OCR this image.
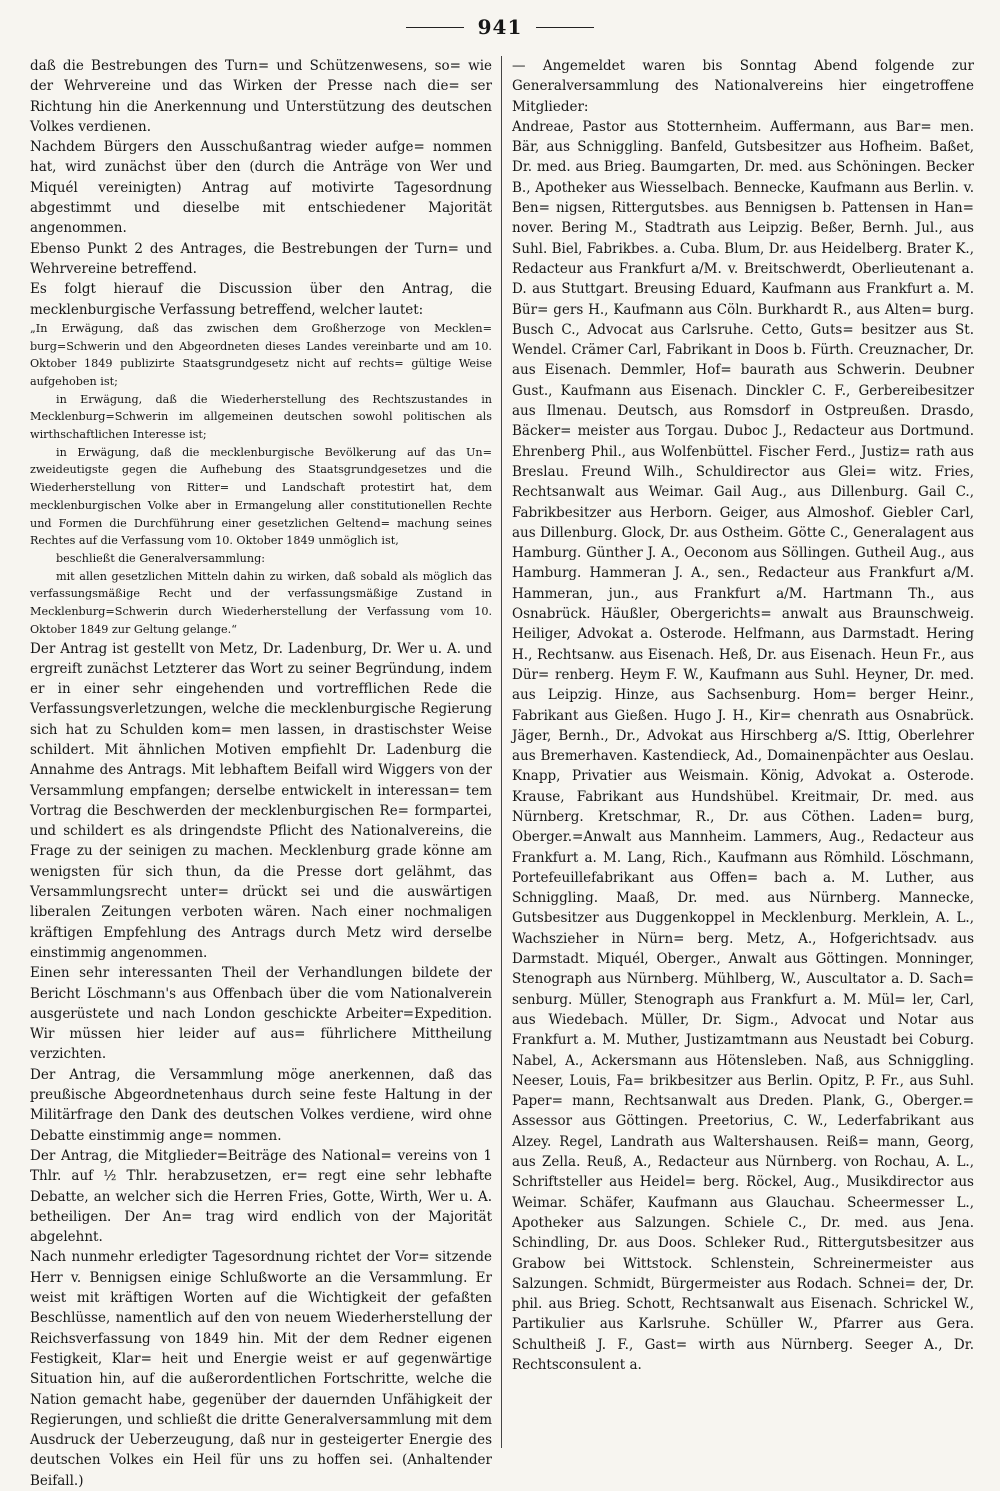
941

daß die Bestrebungen des Turn= und Schützenwesens, so= wie der Wehrvereine und das Wirken der Presse nach die= ser Richtung hin die Anerkennung und Unterstützung des deutschen Volkes verdienen.

Nachdem Bürgers den Ausschußantrag wieder aufge= nommen hat, wird zunächst über den (durch die Anträge von Wer und Miquél vereinigten) Antrag auf motivirte Tagesordnung abgestimmt und dieselbe mit entschiedener Majorität angenommen.

Ebenso Punkt 2 des Antrages, die Bestrebungen der Turn= und Wehrvereine betreffend.

Es folgt hierauf die Discussion über den Antrag, die mecklenburgische Verfassung betreffend, welcher lautet:

„In Erwägung, daß das zwischen dem Großherzoge von Mecklen= burg=Schwerin und den Abgeordneten dieses Landes vereinbarte und am 10. Oktober 1849 publizirte Staatsgrundgesetz nicht auf rechts= gültige Weise aufgehoben ist;

in Erwägung, daß die Wiederherstellung des Rechtszustandes in Mecklenburg=Schwerin im allgemeinen deutschen sowohl politischen als wirthschaftlichen Interesse ist;

in Erwägung, daß die mecklenburgische Bevölkerung auf das Un= zweideutigste gegen die Aufhebung des Staatsgrundgesetzes und die Wiederherstellung von Ritter= und Landschaft protestirt hat, dem mecklenburgischen Volke aber in Ermangelung aller constitutionellen Rechte und Formen die Durchführung einer gesetzlichen Geltend= machung seines Rechtes auf die Verfassung vom 10. Oktober 1849 unmöglich ist,

beschließt die Generalversammlung:

mit allen gesetzlichen Mitteln dahin zu wirken, daß sobald als möglich das verfassungsmäßige Recht und der verfassungsmäßige Zustand in Mecklenburg=Schwerin durch Wiederherstellung der Verfassung vom 10. Oktober 1849 zur Geltung gelange.“

Der Antrag ist gestellt von Metz, Dr. Ladenburg, Dr. Wer u. A. und ergreift zunächst Letzterer das Wort zu seiner Begründung, indem er in einer sehr eingehenden und vortrefflichen Rede die Verfassungsverletzungen, welche die mecklenburgische Regierung sich hat zu Schulden kom= men lassen, in drastischster Weise schildert. Mit ähnlichen Motiven empfiehlt Dr. Ladenburg die Annahme des Antrags. Mit lebhaftem Beifall wird Wiggers von der Versammlung empfangen; derselbe entwickelt in interessan= tem Vortrag die Beschwerden der mecklenburgischen Re= formpartei, und schildert es als dringendste Pflicht des Nationalvereins, die Frage zu der seinigen zu machen. Mecklenburg grade könne am wenigsten für sich thun, da die Presse dort gelähmt, das Versammlungsrecht unter= drückt sei und die auswärtigen liberalen Zeitungen verboten wären. Nach einer nochmaligen kräftigen Empfehlung des Antrags durch Metz wird derselbe einstimmig angenommen.

Einen sehr interessanten Theil der Verhandlungen bildete der Bericht Löschmann's aus Offenbach über die vom Nationalverein ausgerüstete und nach London geschickte Arbeiter=Expedition. Wir müssen hier leider auf aus= führlichere Mittheilung verzichten.

Der Antrag, die Versammlung möge anerkennen, daß das preußische Abgeordnetenhaus durch seine feste Haltung in der Militärfrage den Dank des deutschen Volkes verdiene, wird ohne Debatte einstimmig ange= nommen.

Der Antrag, die Mitglieder=Beiträge des National= vereins von 1 Thlr. auf ½ Thlr. herabzusetzen, er= regt eine sehr lebhafte Debatte, an welcher sich die Herren Fries, Gotte, Wirth, Wer u. A. betheiligen. Der An= trag wird endlich von der Majorität abgelehnt.

Nach nunmehr erledigter Tagesordnung richtet der Vor= sitzende Herr v. Bennigsen einige Schlußworte an die Versammlung. Er weist mit kräftigen Worten auf die Wichtigkeit der gefaßten Beschlüsse, namentlich auf den von neuem Wiederherstellung der Reichsverfassung von 1849 hin. Mit der dem Redner eigenen Festigkeit, Klar= heit und Energie weist er auf gegenwärtige Situation hin, auf die außerordentlichen Fortschritte, welche die Nation gemacht habe, gegenüber der dauernden Unfähigkeit der Regierungen, und schließt die dritte Generalversammlung mit dem Ausdruck der Ueberzeugung, daß nur in gesteigerter Energie des deutschen Volkes ein Heil für uns zu hoffen sei. (Anhaltender Beifall.)

— Angemeldet waren bis Sonntag Abend folgende zur Generalversammlung des Nationalvereins hier eingetroffene Mitglieder:

Andreae, Pastor aus Stotternheim. Auffermann, aus Bar= men. Bär, aus Schniggling. Banfeld, Gutsbesitzer aus Hofheim. Baßet, Dr. med. aus Brieg. Baumgarten, Dr. med. aus Schöningen. Becker B., Apotheker aus Wiesselbach. Bennecke, Kaufmann aus Berlin. v. Ben= nigsen, Rittergutsbes. aus Bennigsen b. Pattensen in Han= nover. Bering M., Stadtrath aus Leipzig. Beßer, Bernh. Jul., aus Suhl. Biel, Fabrikbes. a. Cuba. Blum, Dr. aus Heidelberg. Brater K., Redacteur aus Frankfurt a/M. v. Breitschwerdt, Oberlieutenant a. D. aus Stuttgart. Breusing Eduard, Kaufmann aus Frankfurt a. M. Bür= gers H., Kaufmann aus Cöln. Burkhardt R., aus Alten= burg. Busch C., Advocat aus Carlsruhe. Cetto, Guts= besitzer aus St. Wendel. Crämer Carl, Fabrikant in Doos b. Fürth. Creuznacher, Dr. aus Eisenach. Demmler, Hof= baurath aus Schwerin. Deubner Gust., Kaufmann aus Eisenach. Dinckler C. F., Gerbereibesitzer aus Ilmenau. Deutsch, aus Romsdorf in Ostpreußen. Drasdo, Bäcker= meister aus Torgau. Duboc J., Redacteur aus Dortmund. Ehrenberg Phil., aus Wolfenbüttel. Fischer Ferd., Justiz= rath aus Breslau. Freund Wilh., Schuldirector aus Glei= witz. Fries, Rechtsanwalt aus Weimar. Gail Aug., aus Dillenburg. Gail C., Fabrikbesitzer aus Herborn. Geiger, aus Almoshof. Giebler Carl, aus Dillenburg. Glock, Dr. aus Ostheim. Götte C., Generalagent aus Hamburg. Günther J. A., Oeconom aus Söllingen. Gutheil Aug., aus Hamburg. Hammeran J. A., sen., Redacteur aus Frankfurt a/M. Hammeran, jun., aus Frankfurt a/M. Hartmann Th., aus Osnabrück. Häußler, Obergerichts= anwalt aus Braunschweig. Heiliger, Advokat a. Osterode. Helfmann, aus Darmstadt. Hering H., Rechtsanw. aus Eisenach. Heß, Dr. aus Eisenach. Heun Fr., aus Dür= renberg. Heym F. W., Kaufmann aus Suhl. Heyner, Dr. med. aus Leipzig. Hinze, aus Sachsenburg. Hom= berger Heinr., Fabrikant aus Gießen. Hugo J. H., Kir= chenrath aus Osnabrück. Jäger, Bernh., Dr., Advokat aus Hirschberg a/S. Ittig, Oberlehrer aus Bremerhaven. Kastendieck, Ad., Domainenpächter aus Oeslau. Knapp, Privatier aus Weismain. König, Advokat a. Osterode. Krause, Fabrikant aus Hundshübel. Kreitmair, Dr. med. aus Nürnberg. Kretschmar, R., Dr. aus Cöthen. Laden= burg, Oberger.=Anwalt aus Mannheim. Lammers, Aug., Redacteur aus Frankfurt a. M. Lang, Rich., Kaufmann aus Römhild. Löschmann, Portefeuillefabrikant aus Offen= bach a. M. Luther, aus Schniggling. Maaß, Dr. med. aus Nürnberg. Mannecke, Gutsbesitzer aus Duggenkoppel in Mecklenburg. Merklein, A. L., Wachszieher in Nürn= berg. Metz, A., Hofgerichtsadv. aus Darmstadt. Miquél, Oberger., Anwalt aus Göttingen. Monninger, Stenograph aus Nürnberg. Mühlberg, W., Auscultator a. D. Sach= senburg. Müller, Stenograph aus Frankfurt a. M. Mül= ler, Carl, aus Wiedebach. Müller, Dr. Sigm., Advocat und Notar aus Frankfurt a. M. Muther, Justizamtmann aus Neustadt bei Coburg. Nabel, A., Ackersmann aus Hötensleben. Naß, aus Schniggling. Neeser, Louis, Fa= brikbesitzer aus Berlin. Opitz, P. Fr., aus Suhl. Paper= mann, Rechtsanwalt aus Dreden. Plank, G., Oberger.= Assessor aus Göttingen. Preetorius, C. W., Lederfabrikant aus Alzey. Regel, Landrath aus Waltershausen. Reiß= mann, Georg, aus Zella. Reuß, A., Redacteur aus Nürnberg. von Rochau, A. L., Schriftsteller aus Heidel= berg. Röckel, Aug., Musikdirector aus Weimar. Schäfer, Kaufmann aus Glauchau. Scheermesser L., Apotheker aus Salzungen. Schiele C., Dr. med. aus Jena. Schindling, Dr. aus Doos. Schleker Rud., Rittergutsbesitzer aus Grabow bei Wittstock. Schlenstein, Schreinermeister aus Salzungen. Schmidt, Bürgermeister aus Rodach. Schnei= der, Dr. phil. aus Brieg. Schott, Rechtsanwalt aus Eisenach. Schrickel W., Partikulier aus Karlsruhe. Schüller W., Pfarrer aus Gera. Schultheiß J. F., Gast= wirth aus Nürnberg. Seeger A., Dr. Rechtsconsulent a.
